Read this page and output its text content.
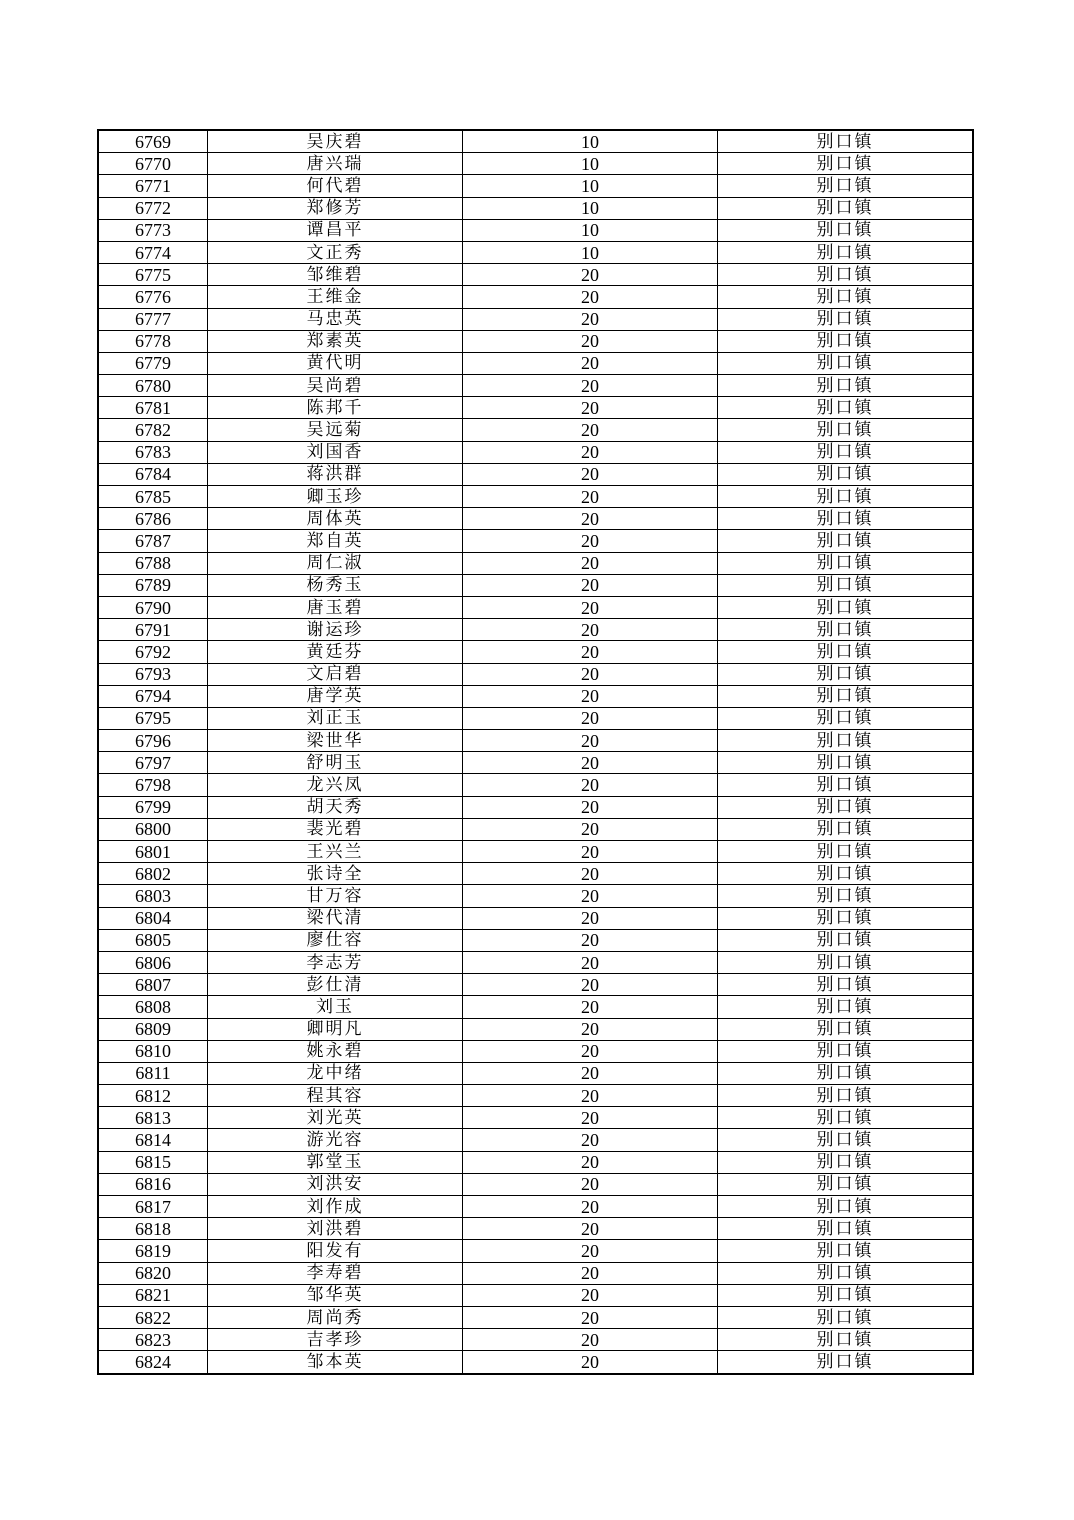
6769	吴庆碧	10	别口镇
6770	唐兴瑞	10	别口镇
6771	何代碧	10	别口镇
6772	郑修芳	10	别口镇
6773	谭昌平	10	别口镇
6774	文正秀	10	别口镇
6775	邹维碧	20	别口镇
6776	王维金	20	别口镇
6777	马忠英	20	别口镇
6778	郑素英	20	别口镇
6779	黄代明	20	别口镇
6780	吴尚碧	20	别口镇
6781	陈邦千	20	别口镇
6782	吴远菊	20	别口镇
6783	刘国香	20	别口镇
6784	蒋洪群	20	别口镇
6785	卿玉珍	20	别口镇
6786	周体英	20	别口镇
6787	郑自英	20	别口镇
6788	周仁淑	20	别口镇
6789	杨秀玉	20	别口镇
6790	唐玉碧	20	别口镇
6791	谢运珍	20	别口镇
6792	黄廷芬	20	别口镇
6793	文启碧	20	别口镇
6794	唐学英	20	别口镇
6795	刘正玉	20	别口镇
6796	梁世华	20	别口镇
6797	舒明玉	20	别口镇
6798	龙兴凤	20	别口镇
6799	胡天秀	20	别口镇
6800	裴光碧	20	别口镇
6801	王兴兰	20	别口镇
6802	张诗全	20	别口镇
6803	甘万容	20	别口镇
6804	梁代清	20	别口镇
6805	廖仕容	20	别口镇
6806	李志芳	20	别口镇
6807	彭仕清	20	别口镇
6808	刘玉	20	别口镇
6809	卿明凡	20	别口镇
6810	姚永碧	20	别口镇
6811	龙中绪	20	别口镇
6812	程其容	20	别口镇
6813	刘光英	20	别口镇
6814	游光容	20	别口镇
6815	郭堂玉	20	别口镇
6816	刘洪安	20	别口镇
6817	刘作成	20	别口镇
6818	刘洪碧	20	别口镇
6819	阳发有	20	别口镇
6820	李寿碧	20	别口镇
6821	邹华英	20	别口镇
6822	周尚秀	20	别口镇
6823	吉孝珍	20	别口镇
6824	邹本英	20	别口镇
